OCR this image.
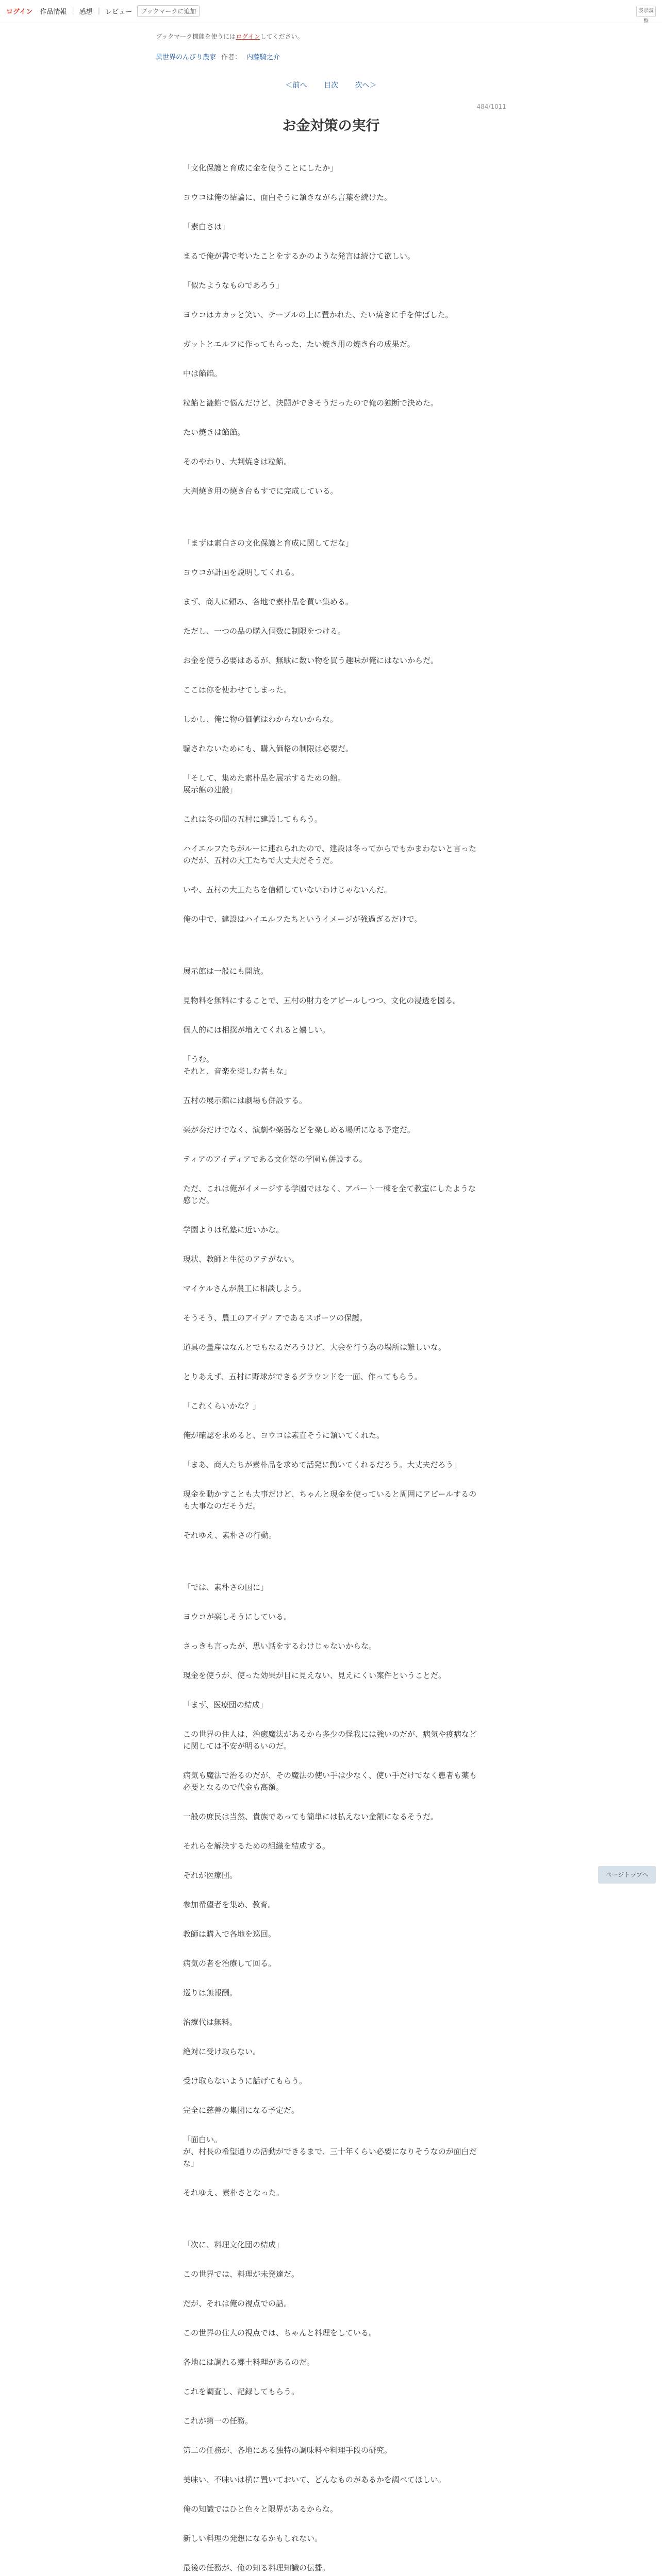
ログイン 作品情報 | 感想 | レビュー	ブックマークに追加	表示調整
ブックマーク機能を使うにはログインしてください。
異世界のんびり農家 作者： 内藤騎之介
＜前へ 目次 次へ＞
484/1011
お金対策の実行

「文化保護と育成に金を使うことにしたか」

ヨウコは俺の結論に、面白そうに頷きながら言葉を続けた。

「素白さは」

まるで俺が書で考いたことをするかのような発言は続けて欲しい。

「似たようなものであろう」

ヨウコはカカッと笑い、テーブルの上に置かれた、たい焼きに手を伸ばした。

ガットとエルフに作ってもらった、たい焼き用の焼き台の成果だ。

中は餡餡。

粒餡と漉餡で悩んだけど、決闘ができそうだったので俺の独断で決めた。

たい焼きは餡餡。

そのやわり、大判焼きは粒餡。

大判焼き用の焼き台もすでに完成している。

「まずは素白さの文化保護と育成に関してだな」

ヨウコが計画を説明してくれる。

まず、商人に頼み、各地で素朴品を買い集める。

ただし、一つの品の購入個数に制限をつける。

お金を使う必要はあるが、無駄に数い物を買う趣味が俺にはないからだ。

ここは你を使わせてしまった。

しかし、俺に物の価値はわからないからな。

騙されないためにも、購入価格の制限は必要だ。

「そして、集めた素朴品を展示するための館。
展示館の建設」

これは冬の間の五村に建設してもらう。

ハイエルフたちがルーに連れられたので、建設は冬ってからでもかまわないと言ったのだが、五村の大工たちで大丈夫だそうだ。

いや、五村の大工たちを信頼していないわけじゃないんだ。

俺の中で、建設はハイエルフたちというイメージが強過ぎるだけで。

展示館は一般にも開放。

見物料を無料にすることで、五村の財力をアピールしつつ、文化の浸透を図る。

個人的には相撲が増えてくれると嬉しい。

「うむ。
それと、音楽を楽しむ者もな」

五村の展示館には劇場も併設する。

楽が奏だけでなく、演劇や楽器などを楽しめる場所になる予定だ。

ティアのアイディアである文化祭の学園も併設する。

ただ、これは俺がイメージする学園ではなく、アパート一棟を全て教室にしたような感じだ。

学園よりは私塾に近いかな。

現状、教師と生徒のアテがない。

マイケルさんが農工に相談しよう。

そうそう、農工のアイディアであるスポーツの保護。

道具の量産はなんとでもなるだろうけど、大会を行う為の場所は難しいな。

とりあえず、五村に野球ができるグラウンドを一面、作ってもらう。

「これくらいかな？」

俺が確認を求めると、ヨウコは素直そうに頷いてくれた。

「まあ、商人たちが素朴品を求めて活発に動いてくれるだろう。大丈夫だろう」

現金を動かすことも大事だけど、ちゃんと現金を使っていると周囲にアピールするのも大事なのだそうだ。

それゆえ、素朴さの行動。

「では、素朴さの国に」

ヨウコが楽しそうにしている。

さっきも言ったが、思い話をするわけじゃないからな。

現金を使うが、使った効果が目に見えない、見えにくい案件ということだ。

「まず、医療団の結成」

この世界の住人は、治癒魔法があるから多少の怪我には強いのだが、病気や疫病などに関しては不安が明るいのだ。

病気も魔法で治るのだが、その魔法の使い手は少なく、使い手だけでなく患者も薬も必要となるので代金も高額。

一般の庶民は当然、貴族であっても簡単には払えない金額になるそうだ。

それらを解決するための組織を結成する。

それが医療団。

参加希望者を集め、教育。

教師は購入で各地を巡回。

病気の者を治療して回る。

巡りは無報酬。

治療代は無料。

絶対に受け取らない。

受け取らないように話げてもらう。

完全に慈善の集団になる予定だ。

「面白い。
が、村長の希望通りの活動ができるまで、三十年くらい必要になりそうなのが面白だな」

それゆえ、素朴さとなった。

「次に、料理文化団の結成」

この世界では、料理が未発達だ。

だが、それは俺の視点での話。

この世界の住人の視点では、ちゃんと料理をしている。

各地には調れる郷土料理があるのだ。

これを調査し、記録してもらう。

これが第一の任務。

第二の任務が、各地にある独特の調味料や料理手段の研究。

美味い、不味いは横に置いておいて、どんなものがあるかを調べてほしい。

俺の知識ではひと色々と限界があるからな。

新しい料理の発想になるかもしれない。

最後の任務が、俺の知る料理知識の伝播。

ページトップへ
